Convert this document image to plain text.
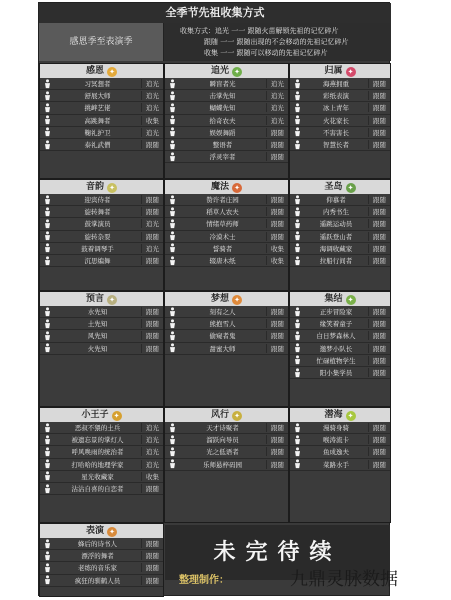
全季节先祖收集方式
感恩季至表演季
收集方式：追光 一一 跟随火苗解锁先祖的记忆碎片
跟随 一一 跟随出现的不会移动的先祖记忆碎片
收集 一一 跟随可以移动的先祖记忆碎片
感恩 ✦
习冥想者	追光
舒展大师	追光
挑衅艺佬	追光
高跳舞者	收集
鞠礼护卫	追光
泰礼武僧	跟随
追光 ✦
瞬盲者光	追光
击掌先知	追光
蝴蝶先知	追光
拾奇农夫	追光
娱娱舞蹈	跟随
整语者	跟随
浮灵宰者	跟随
归属 ✦
海燕拥重	跟随
彩纸表演	跟随
冰上青年	跟随
火花家长	跟随
不害害长	跟随
智慧长者	跟随
音韵 ✦
迎宾侍者	跟随
旋转舞者	跟随
鼓掌演员	追光
旋转杂耍	跟随
鼓着调琴手	追光
沉思编舞	跟随
魔法 ✦
赞许者庄园	跟随
稻草人农夫	跟随
情绪草药师	跟随
冷漠术士	跟随
誓骑者	收集
辍唐木纸	收集
圣岛 ✦
仰慕者	跟随
内秀书生	跟随
遥跳运动员	跟随
遥跃登山者	跟随
海调收藏家	跟随
拉船行间者	跟随
预言 ✦
水先知	跟随
土先知	跟随
风先知	跟随
火先知	跟随
梦想 ✦
刻有之人	跟随
熊抱雪人	跟随
偷窥者鬼	跟随
甜蜜大师	跟随
集结 ✦
正步冒险家	跟随
缘笑着童子	跟随
白日梦森林人	跟随
邀梦小队长	跟随
忙碌植物学生	跟随
阳小集学员	跟随
小王子 ✦
恶叔不猥的土兵	追光
被遗忘景的掌灯人	追光
呼风唤雨的统治者	追光
打哈哈的地理学家	追光
星光收藏家	收集
沾沾自喜的自恋者	跟随
风行 ✦
天才诗聚者	跟随
溜跃向导员	跟随
光之低语者	跟随
乐师悬梓码园	跟随
潜海 ✦
漫骑身骑	跟随
喉涛流卡	跟随
鱼成逸夫	跟随
菜路水手	跟随
表演 ✦
蜂后的诗书人	跟随
漂浮的舞者	跟随
老练的音乐家	跟随
疯狂的驯鹤人员	跟随
未完待续
整理制作：	九鼎灵脉数据
